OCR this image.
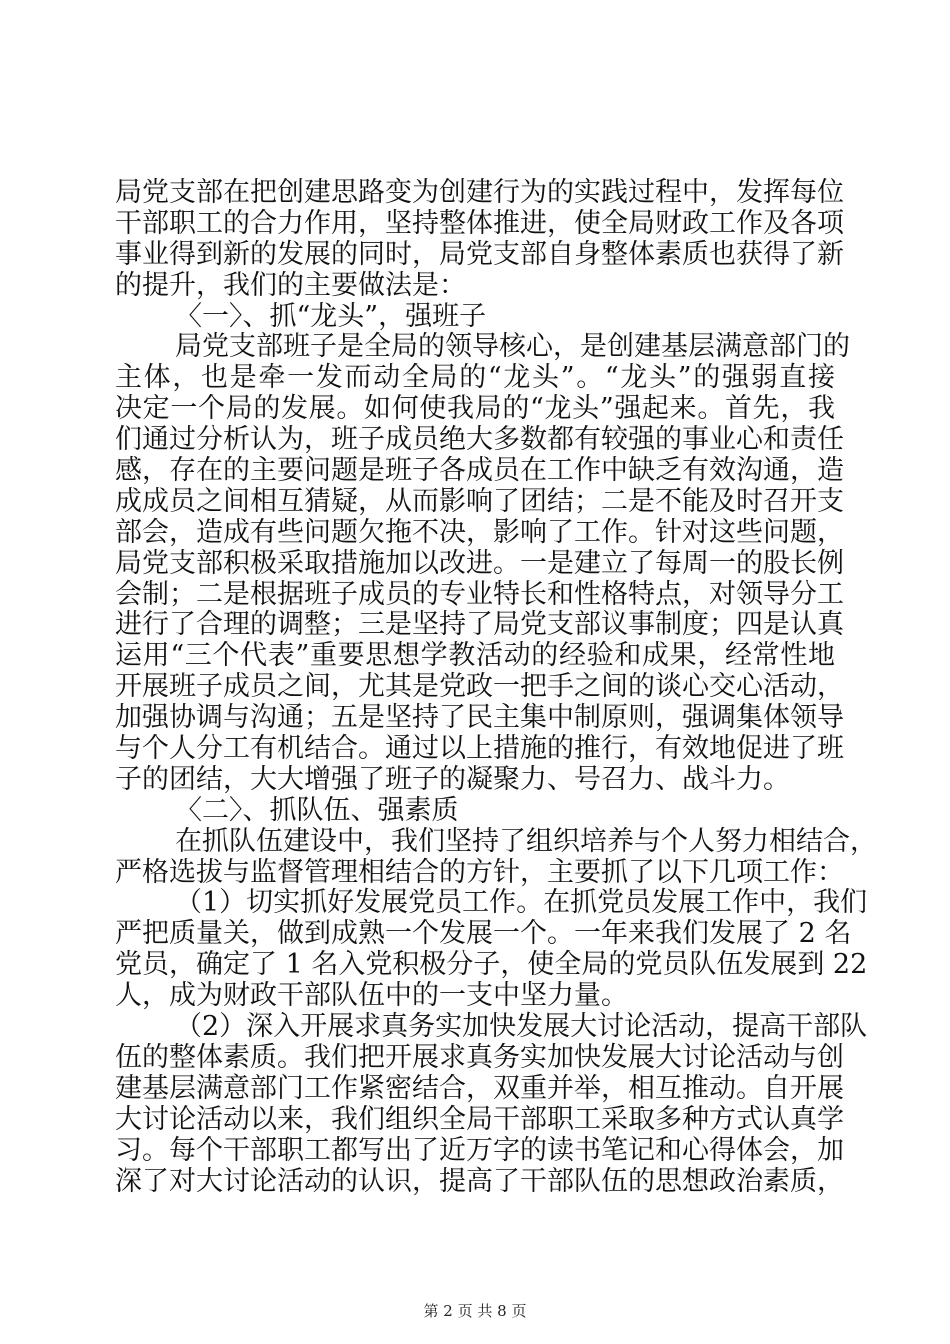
局党支部在把创建思路变为创建行为的实践过程中，发挥每位
干部职工的合力作用，坚持整体推进，使全局财政工作及各项
事业得到新的发展的同时，局党支部自身整体素质也获得了新
的提升，我们的主要做法是：
〈一〉、抓“龙头”，强班子
局党支部班子是全局的领导核心，是创建基层满意部门的
主体，也是牵一发而动全局的“龙头”。“龙头”的强弱直接
决定一个局的发展。如何使我局的“龙头”强起来。首先，我
们通过分析认为，班子成员绝大多数都有较强的事业心和责任
感，存在的主要问题是班子各成员在工作中缺乏有效沟通，造
成成员之间相互猜疑，从而影响了团结；二是不能及时召开支
部会，造成有些问题欠拖不决，影响了工作。针对这些问题，
局党支部积极采取措施加以改进。一是建立了每周一的股长例
会制；二是根据班子成员的专业特长和性格特点，对领导分工
进行了合理的调整；三是坚持了局党支部议事制度；四是认真
运用“三个代表”重要思想学教活动的经验和成果，经常性地
开展班子成员之间，尤其是党政一把手之间的谈心交心活动，
加强协调与沟通；五是坚持了民主集中制原则，强调集体领导
与个人分工有机结合。通过以上措施的推行，有效地促进了班
子的团结，大大增强了班子的凝聚力、号召力、战斗力。
〈二〉、抓队伍、强素质
在抓队伍建设中，我们坚持了组织培养与个人努力相结合，
严格选拔与监督管理相结合的方针，主要抓了以下几项工作：
（1）切实抓好发展党员工作。在抓党员发展工作中，我们
严把质量关，做到成熟一个发展一个。一年来我们发展了 2 名
党员，确定了 1 名入党积极分子，使全局的党员队伍发展到 22
人，成为财政干部队伍中的一支中坚力量。
（2）深入开展求真务实加快发展大讨论活动，提高干部队
伍的整体素质。我们把开展求真务实加快发展大讨论活动与创
建基层满意部门工作紧密结合，双重并举，相互推动。自开展
大讨论活动以来，我们组织全局干部职工采取多种方式认真学
习。每个干部职工都写出了近万字的读书笔记和心得体会，加
深了对大讨论活动的认识，提高了干部队伍的思想政治素质，
第 2 页 共 8 页
